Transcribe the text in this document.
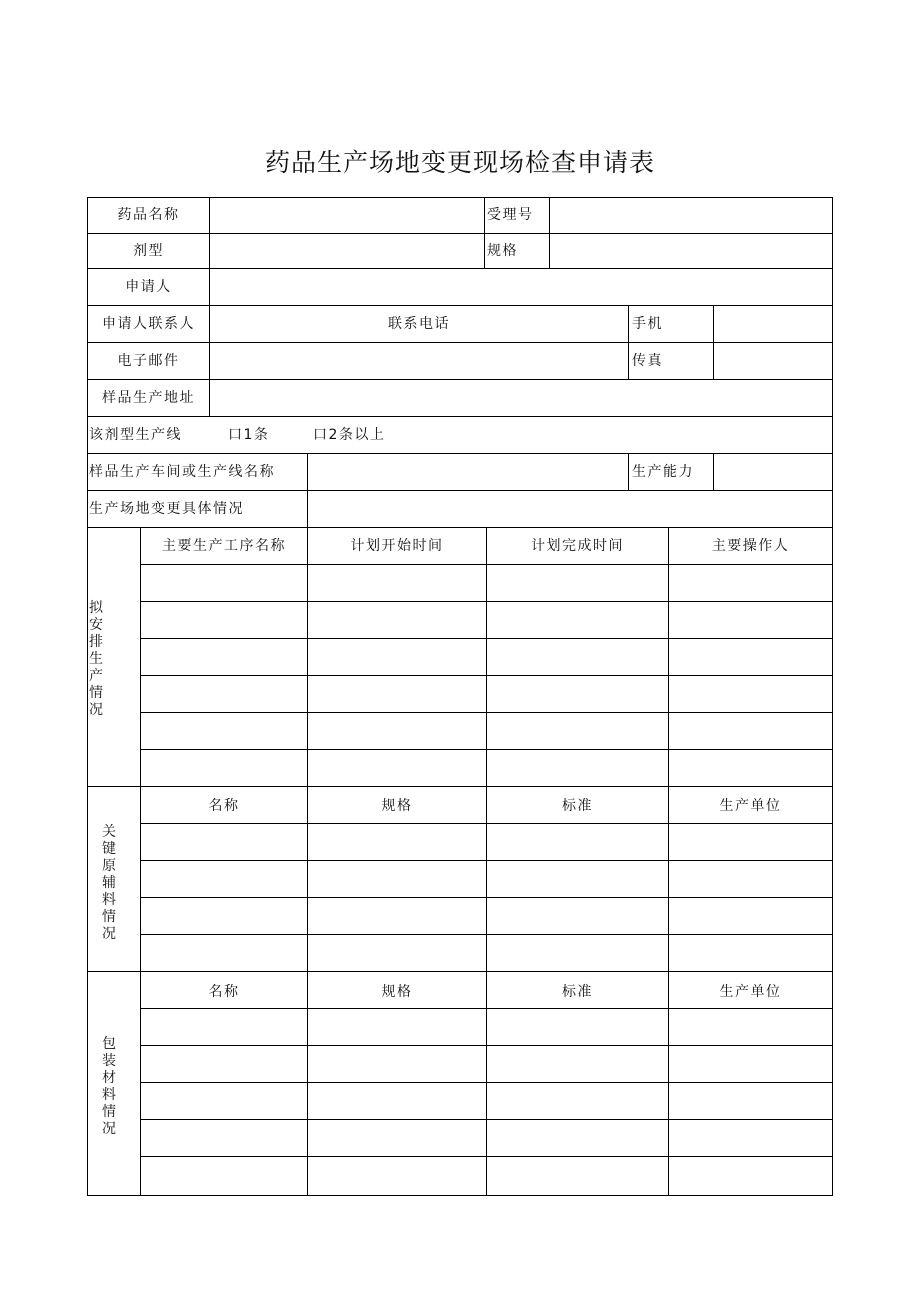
药品生产场地变更现场检查申请表
药品名称	受理号
剂型	规格
申请人
申请人联系人	联系电话	手机
电子邮件	传真
样品生产地址
该剂型生产线	口1条	口2条以上
样品生产车间或生产线名称	生产能力
生产场地变更具体情况
拟安排生产情况
主要生产工序名称	计划开始时间	计划完成时间	主要操作人
关键原辅料情况
名称	规格	标准	生产单位
包装材料情况
名称	规格	标准	生产单位
